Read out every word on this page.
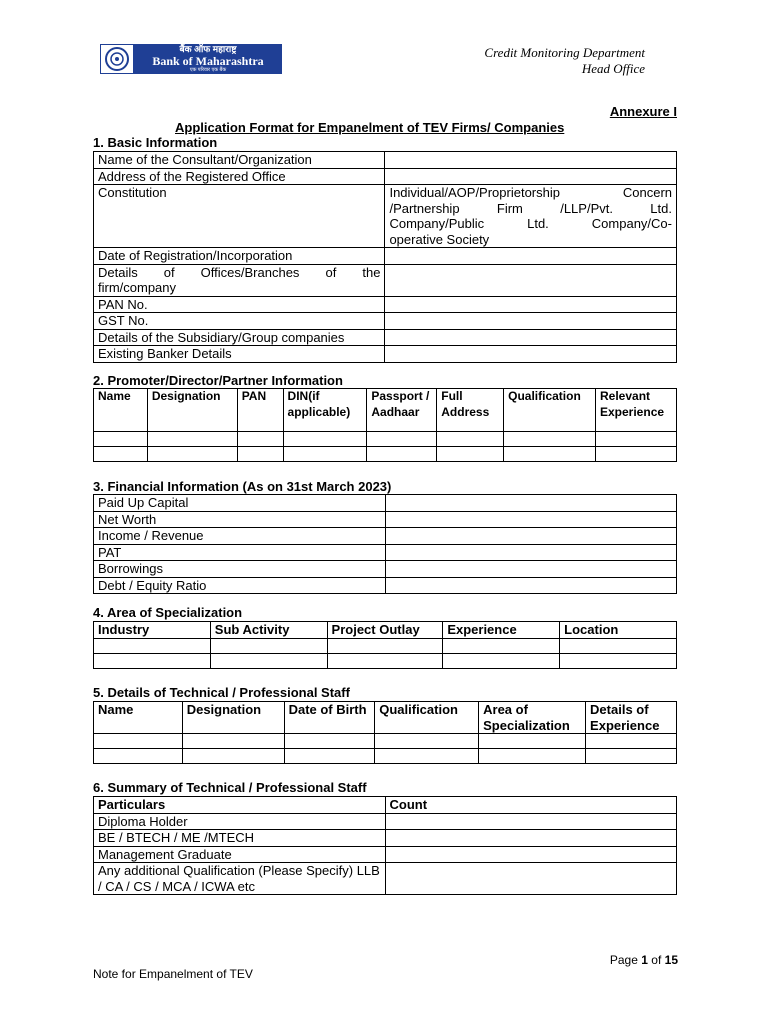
बैंक ऑफ महाराष्ट्र
Bank of Maharashtra
एक परिवार एक बैंक
Credit Monitoring Department
Head Office
Annexure I
Application Format for Empanelment of TEV Firms/ Companies
1. Basic Information
Name of the Consultant/Organization	
Address of the Registered Office	
Constitution	Individual/AOP/Proprietorship Concern
/Partnership Firm /LLP/Pvt. Ltd.
Company/Public Ltd. Company/Co-
operative Society

Date of Registration/Incorporation	

Details of Offices/Branches of the
firm/company	

PAN No.	
GST No.	
Details of the Subsidiary/Group companies	
Existing Banker Details	
2. Promoter/Director/Partner Information
Name	Designation	PAN	DIN(if applicable)	Passport / Aadhaar	Full Address	Qualification	Relevant Experience

3. Financial Information (As on 31st March 2023)
Paid Up Capital	
Net Worth	
Income / Revenue	
PAT	
Borrowings	
Debt / Equity Ratio	
4. Area of Specialization
Industry	Sub Activity	Project Outlay	Experience	Location

5. Details of Technical / Professional Staff
Name	Designation	Date of Birth	Qualification	Area of Specialization	Details of Experience

6. Summary of Technical / Professional Staff
Particulars	Count
Diploma Holder	
BE / BTECH / ME /MTECH	
Management Graduate	
Any additional Qualification (Please Specify) LLB / CA / CS / MCA / ICWA etc	
Page 1 of 15
Note for Empanelment of TEV
